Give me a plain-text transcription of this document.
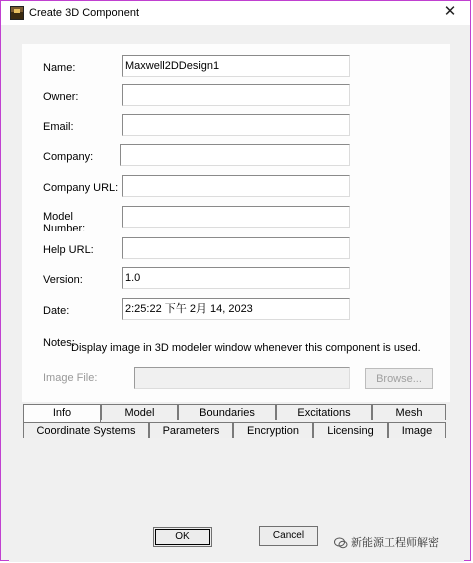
Create 3D Component	✕
Name:	Maxwell2DDesign1
Owner:
Email:
Company:
Company URL:
Model
Number:
Help URL:
Version:	1.0
Date:	2:25:22 下午 2月 14, 2023
Notes:
Display image in 3D modeler window whenever this component is used.
Image File:	Browse...
Info	Model	Boundaries	Excitations	Mesh
Coordinate Systems	Parameters	Encryption	Licensing	Image
OK	Cancel
新能源工程师解密
